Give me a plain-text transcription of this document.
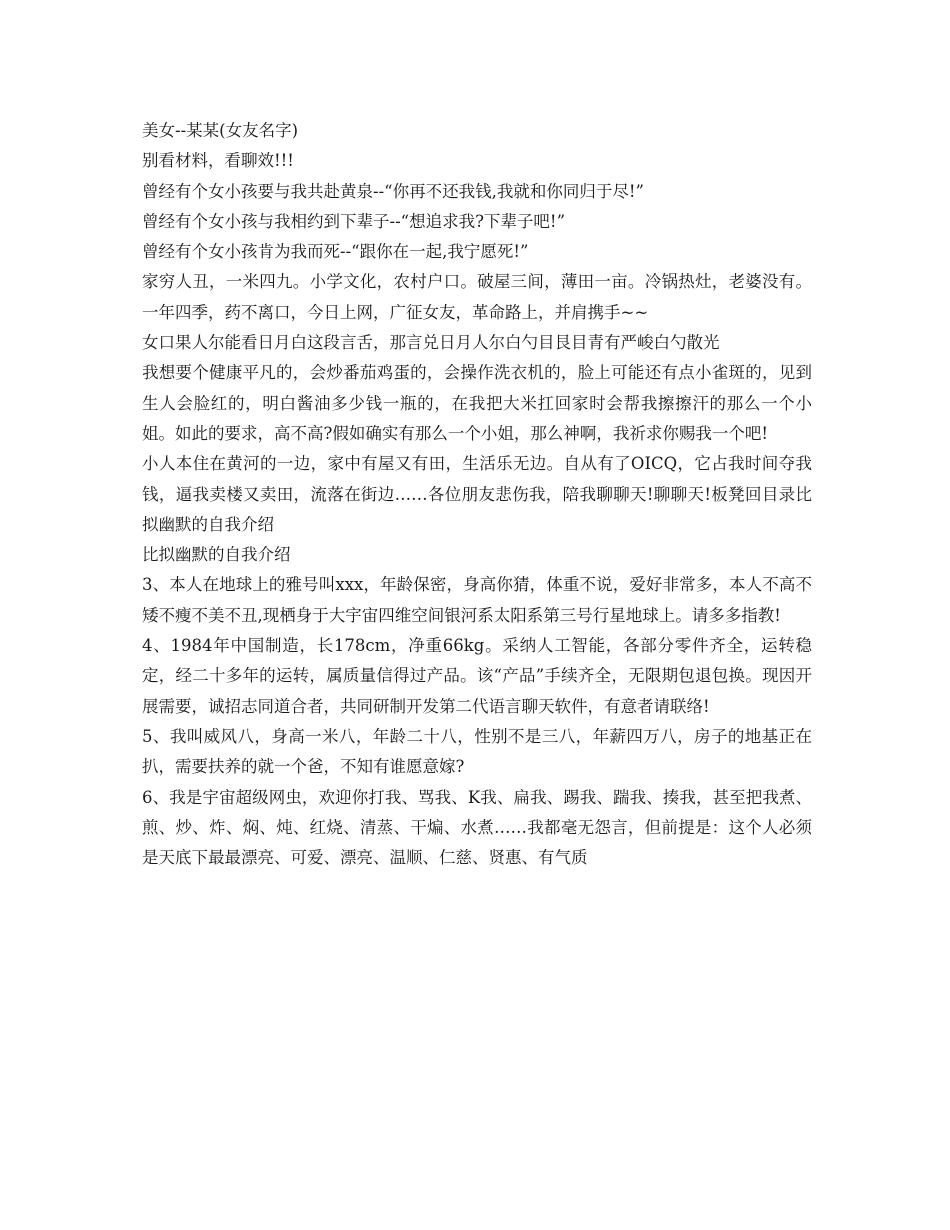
美女--某某(女友名字)

别看材料，看聊效!!!

曾经有个女小孩要与我共赴黄泉--“你再不还我钱,我就和你同归于尽!”

曾经有个女小孩与我相约到下辈子--“想追求我?下辈子吧!”

曾经有个女小孩肯为我而死--“跟你在一起,我宁愿死!”

家穷人丑，一米四九。小学文化，农村户口。破屋三间，薄田一亩。冷锅热灶，老婆没有。一年四季，药不离口，今日上网，广征女友，革命路上，并肩携手~~

女口果人尔能看日月白这段言舌，那言兑日月人尔白勺目艮目青有严峻白勺散光

我想要个健康平凡的，会炒番茄鸡蛋的，会操作洗衣机的，脸上可能还有点小雀斑的，见到生人会脸红的，明白酱油多少钱一瓶的，在我把大米扛回家时会帮我擦擦汗的那么一个小姐。如此的要求，高不高?假如确实有那么一个小姐，那么神啊，我祈求你赐我一个吧!

小人本住在黄河的一边，家中有屋又有田，生活乐无边。自从有了OICQ，它占我时间夺我钱，逼我卖楼又卖田，流落在街边……各位朋友悲伤我，陪我聊聊天!聊聊天!板凳回目录比拟幽默的自我介绍

比拟幽默的自我介绍

3、本人在地球上的雅号叫xxx，年龄保密，身高你猜，体重不说，爱好非常多，本人不高不矮不瘦不美不丑,现栖身于大宇宙四维空间银河系太阳系第三号行星地球上。请多多指教!

4、1984年中国制造，长178cm，净重66kg。采纳人工智能，各部分零件齐全，运转稳定，经二十多年的运转，属质量信得过产品。该“产品”手续齐全，无限期包退包换。现因开展需要，诚招志同道合者，共同研制开发第二代语言聊天软件，有意者请联络!

5、我叫威风八，身高一米八，年龄二十八，性别不是三八，年薪四万八，房子的地基正在扒，需要扶养的就一个爸，不知有谁愿意嫁?

6、我是宇宙超级网虫，欢迎你打我、骂我、K我、扁我、踢我、踹我、揍我，甚至把我煮、煎、炒、炸、焖、炖、红烧、清蒸、干煸、水煮……我都毫无怨言，但前提是：这个人必须是天底下最最漂亮、可爱、漂亮、温顺、仁慈、贤惠、有气质
